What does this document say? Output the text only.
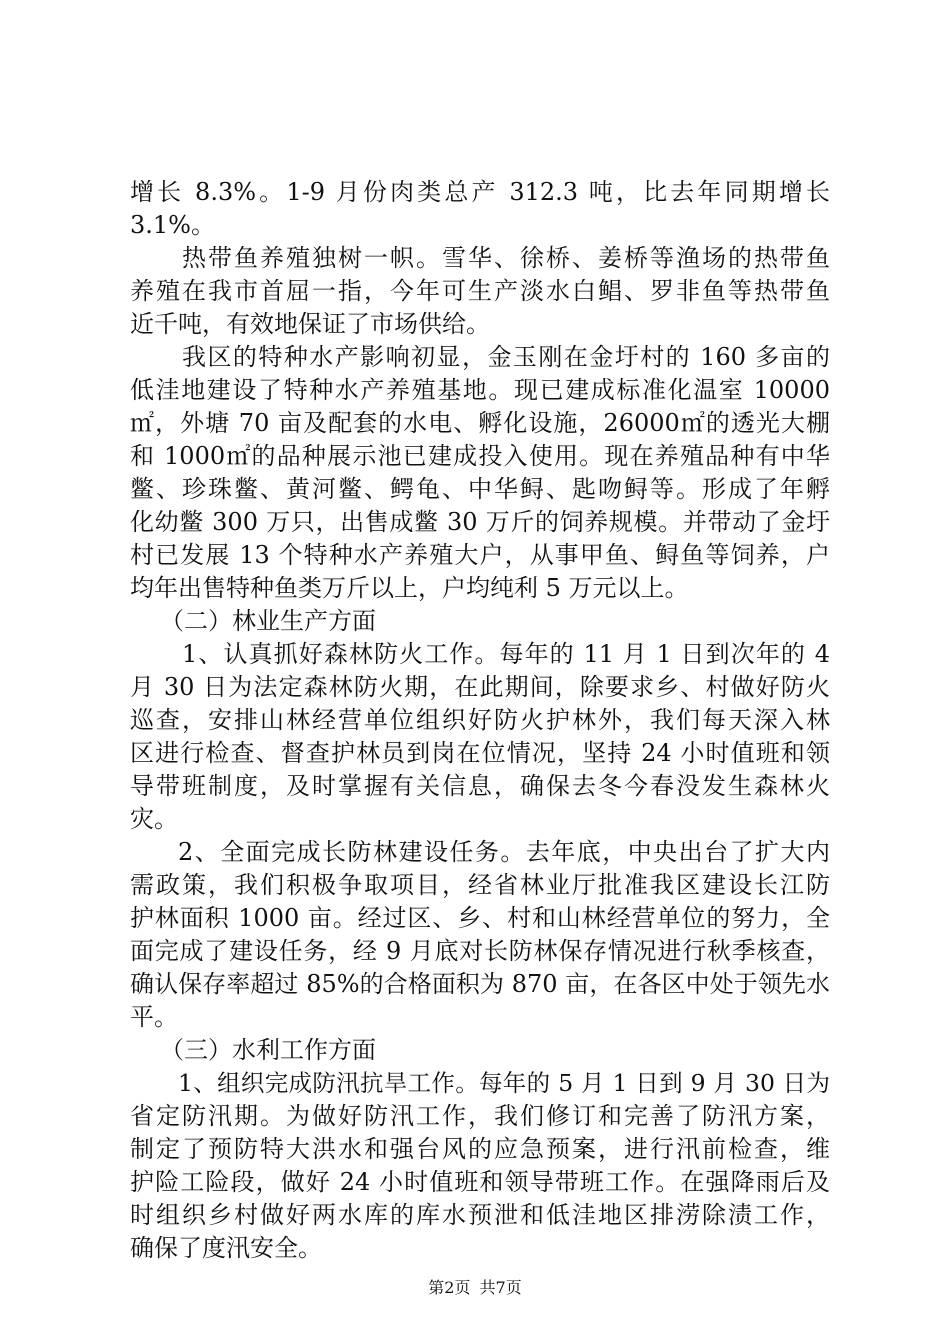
增长 8.3%。1-9 月份肉类总产 312.3 吨，比去年同期增长
3.1%。
热带鱼养殖独树一帜。雪华、徐桥、姜桥等渔场的热带鱼
养殖在我市首屈一指，今年可生产淡水白鲳、罗非鱼等热带鱼
近千吨，有效地保证了市场供给。
我区的特种水产影响初显，金玉刚在金圩村的 160 多亩的
低洼地建设了特种水产养殖基地。现已建成标准化温室 10000
㎡，外塘 70 亩及配套的水电、孵化设施，26000㎡的透光大棚
和 1000㎡的品种展示池已建成投入使用。现在养殖品种有中华
鳖、珍珠鳖、黄河鳖、鳄龟、中华鲟、匙吻鲟等。形成了年孵
化幼鳖 300 万只，出售成鳖 30 万斤的饲养规模。并带动了金圩
村已发展 13 个特种水产养殖大户，从事甲鱼、鲟鱼等饲养，户
均年出售特种鱼类万斤以上，户均纯利 5 万元以上。
（二）林业生产方面
1、认真抓好森林防火工作。每年的 11 月 1 日到次年的 4
月 30 日为法定森林防火期，在此期间，除要求乡、村做好防火
巡查，安排山林经营单位组织好防火护林外，我们每天深入林
区进行检查、督查护林员到岗在位情况，坚持 24 小时值班和领
导带班制度，及时掌握有关信息，确保去冬今春没发生森林火
灾。
2、全面完成长防林建设任务。去年底，中央出台了扩大内
需政策，我们积极争取项目，经省林业厅批准我区建设长江防
护林面积 1000 亩。经过区、乡、村和山林经营单位的努力，全
面完成了建设任务，经 9 月底对长防林保存情况进行秋季核查，
确认保存率超过 85%的合格面积为 870 亩，在各区中处于领先水
平。
（三）水利工作方面
1、组织完成防汛抗旱工作。每年的 5 月 1 日到 9 月 30 日为
省定防汛期。为做好防汛工作，我们修订和完善了防汛方案，
制定了预防特大洪水和强台风的应急预案，进行汛前检查，维
护险工险段，做好 24 小时值班和领导带班工作。在强降雨后及
时组织乡村做好两水库的库水预泄和低洼地区排涝除渍工作，
确保了度汛安全。
第2页 共7页
